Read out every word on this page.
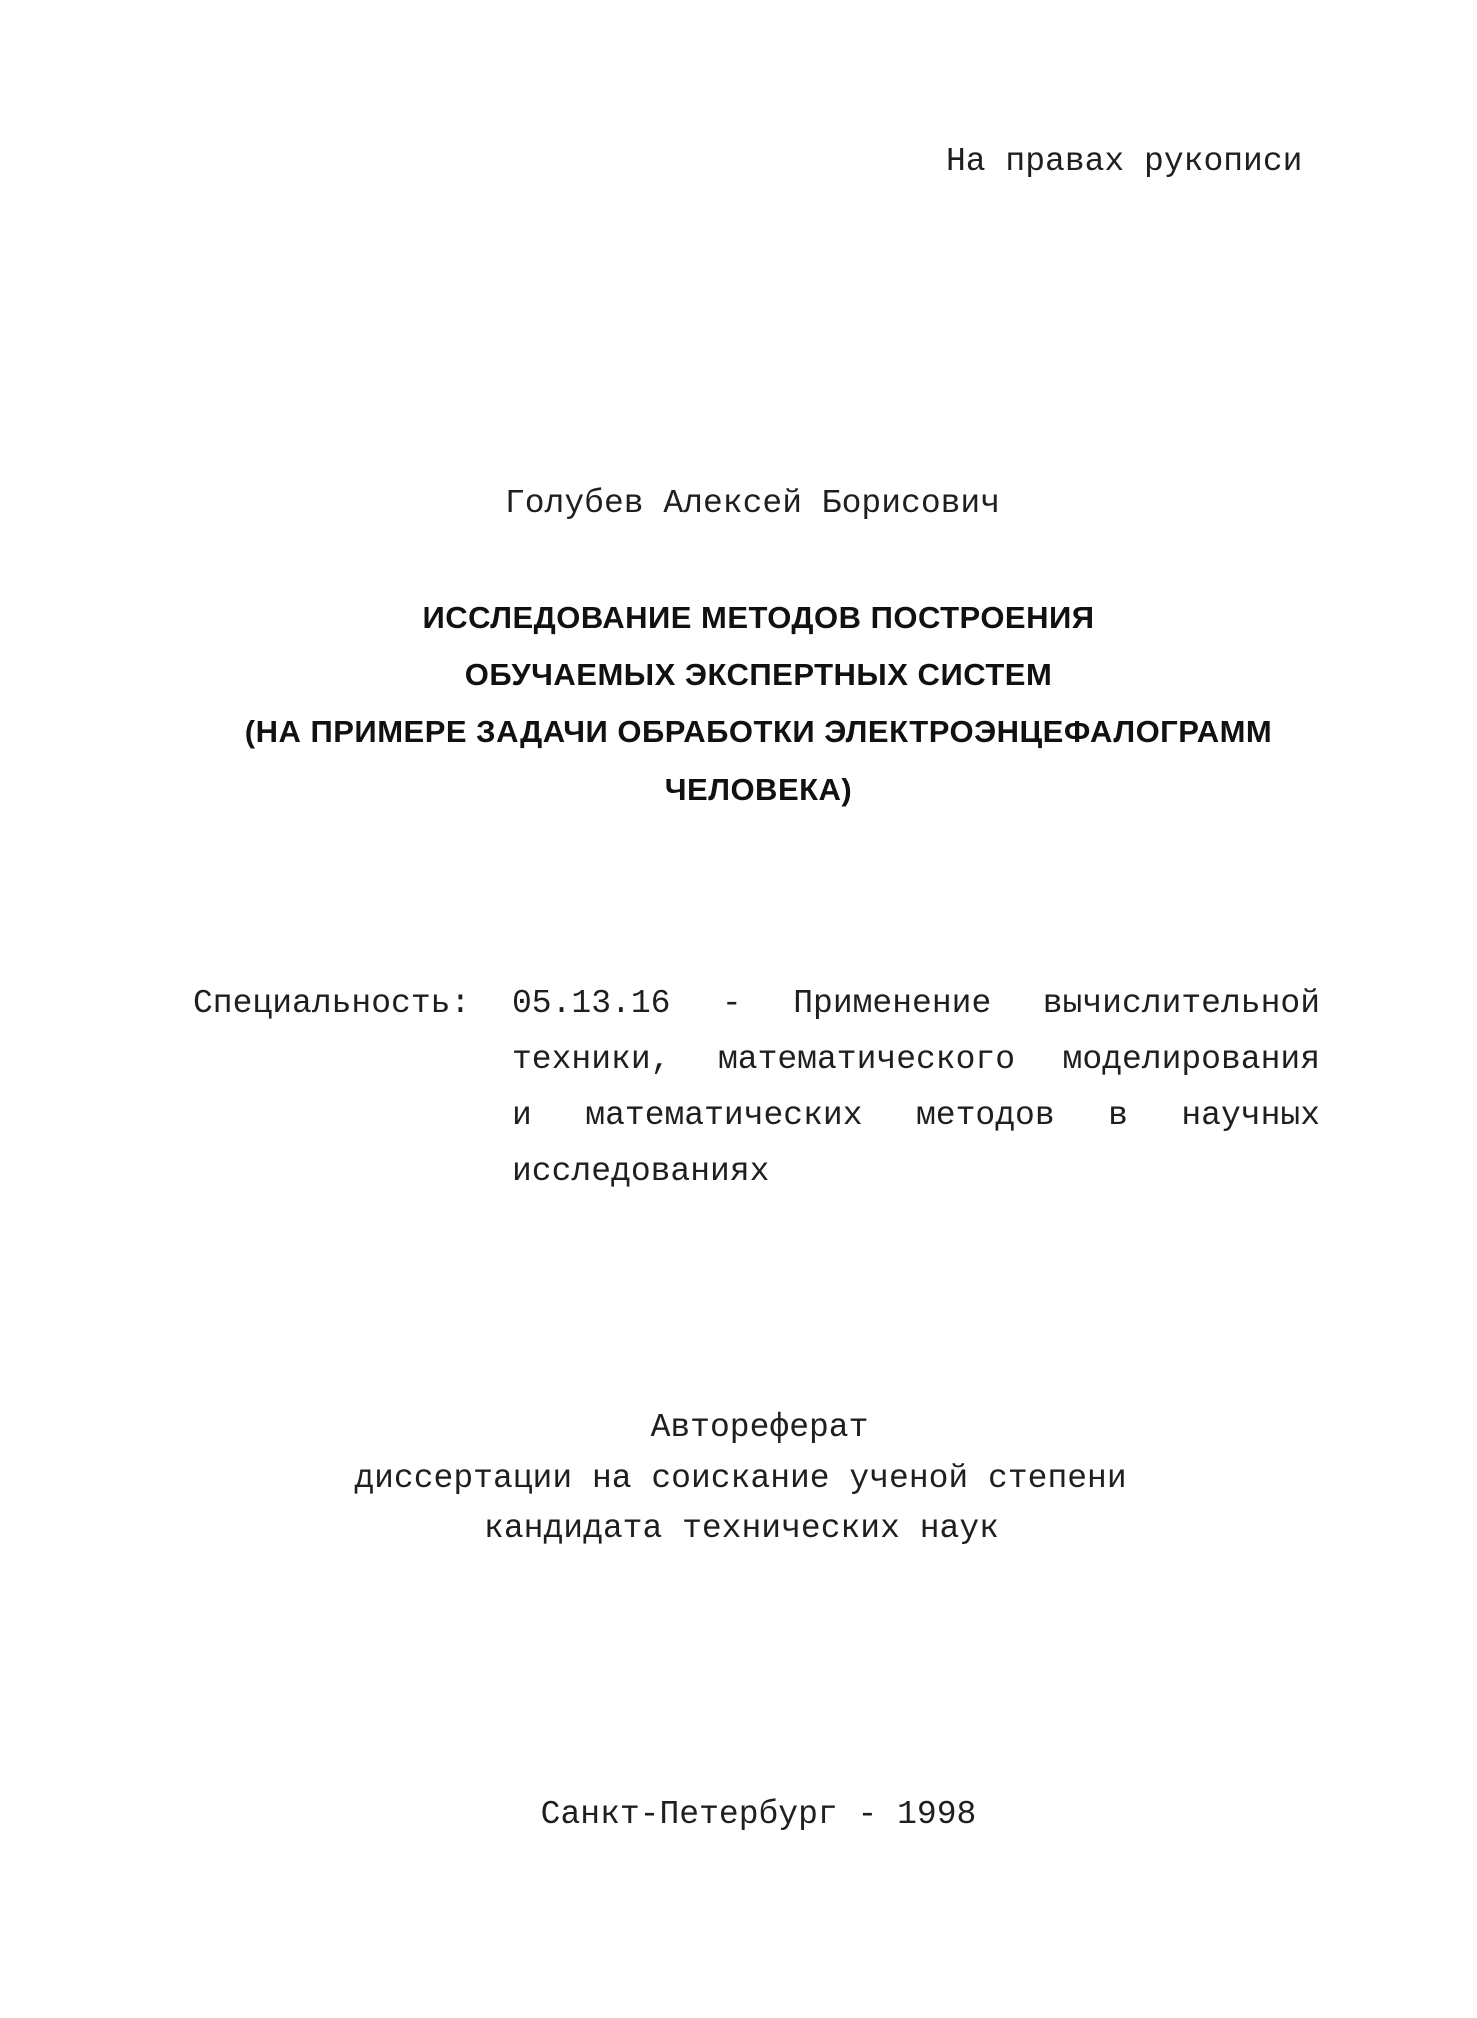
На правах рукописи
Голубев Алексей Борисович
ИССЛЕДОВАНИЕ МЕТОДОВ ПОСТРОЕНИЯ
ОБУЧАЕМЫХ ЭКСПЕРТНЫХ СИСТЕМ
(НА ПРИМЕРЕ ЗАДАЧИ ОБРАБОТКИ ЭЛЕКТРОЭНЦЕФАЛОГРАММ
ЧЕЛОВЕКА)
Специальность: 05.13.16 - Применение вычислительной
техники, математического моделирования
и математических методов в научных
исследованиях
Автореферат
диссертации на соискание ученой степени
кандидата технических наук
Санкт-Петербург - 1998
